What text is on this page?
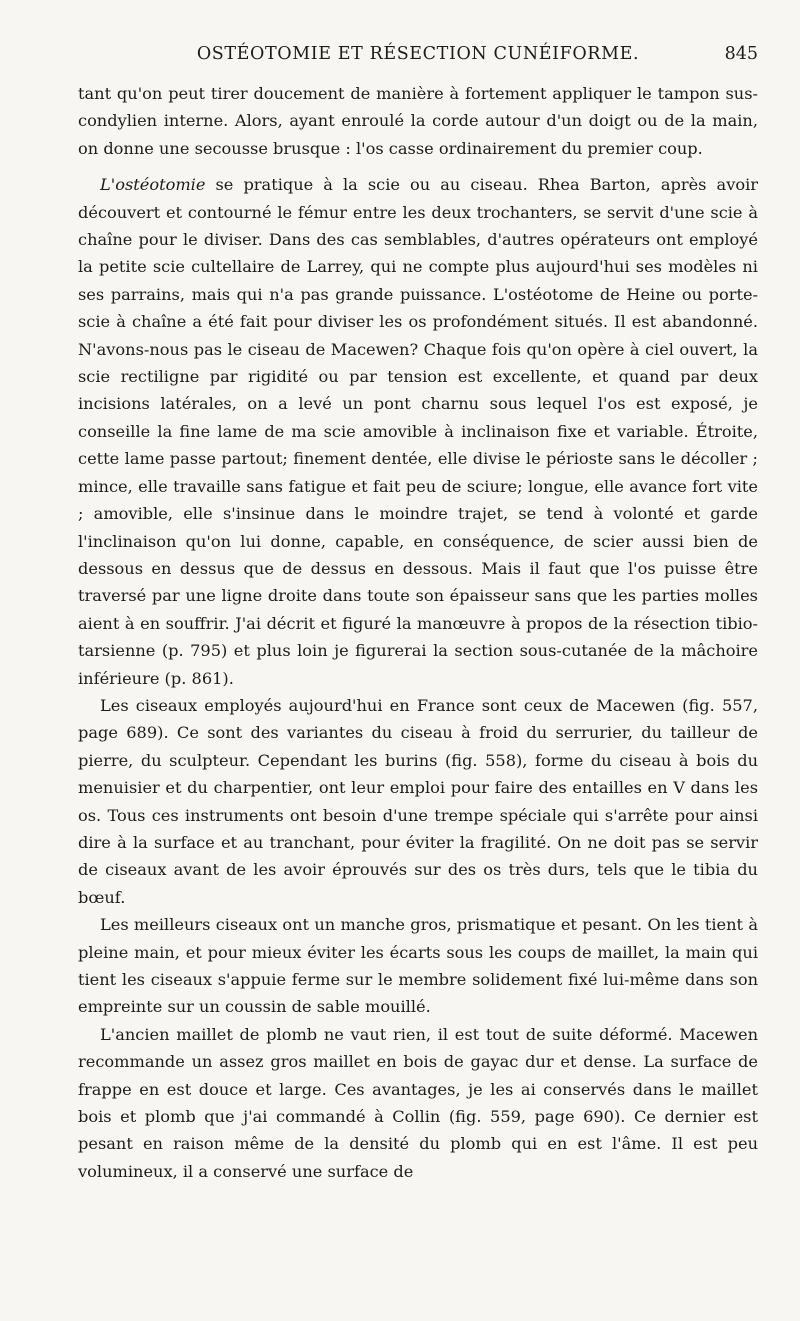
OSTÉOTOMIE ET RÉSECTION CUNÉIFORME.	845

tant qu'on peut tirer doucement de manière à fortement appliquer le tampon sus-condylien interne. Alors, ayant enroulé la corde autour d'un doigt ou de la main, on donne une secousse brusque : l'os casse ordinairement du premier coup.

L'ostéotomie se pratique à la scie ou au ciseau. Rhea Barton, après avoir découvert et contourné le fémur entre les deux trochanters, se servit d'une scie à chaîne pour le diviser. Dans des cas semblables, d'autres opérateurs ont employé la petite scie cultellaire de Larrey, qui ne compte plus aujourd'hui ses modèles ni ses parrains, mais qui n'a pas grande puissance. L'ostéotome de Heine ou porte-scie à chaîne a été fait pour diviser les os profondément situés. Il est abandonné. N'avons-nous pas le ciseau de Macewen? Chaque fois qu'on opère à ciel ouvert, la scie rectiligne par rigidité ou par tension est excellente, et quand par deux incisions latérales, on a levé un pont charnu sous lequel l'os est exposé, je conseille la fine lame de ma scie amovible à inclinaison fixe et variable. Étroite, cette lame passe partout; finement dentée, elle divise le périoste sans le décoller ; mince, elle travaille sans fatigue et fait peu de sciure; longue, elle avance fort vite ; amovible, elle s'insinue dans le moindre trajet, se tend à volonté et garde l'inclinaison qu'on lui donne, capable, en conséquence, de scier aussi bien de dessous en dessus que de dessus en dessous. Mais il faut que l'os puisse être traversé par une ligne droite dans toute son épaisseur sans que les parties molles aient à en souffrir. J'ai décrit et figuré la manœuvre à propos de la résection tibio-tarsienne (p. 795) et plus loin je figurerai la section sous-cutanée de la mâchoire inférieure (p. 861).

Les ciseaux employés aujourd'hui en France sont ceux de Macewen (fig. 557, page 689). Ce sont des variantes du ciseau à froid du serrurier, du tailleur de pierre, du sculpteur. Cependant les burins (fig. 558), forme du ciseau à bois du menuisier et du charpentier, ont leur emploi pour faire des entailles en V dans les os. Tous ces instruments ont besoin d'une trempe spéciale qui s'arrête pour ainsi dire à la surface et au tranchant, pour éviter la fragilité. On ne doit pas se servir de ciseaux avant de les avoir éprouvés sur des os très durs, tels que le tibia du bœuf.

Les meilleurs ciseaux ont un manche gros, prismatique et pesant. On les tient à pleine main, et pour mieux éviter les écarts sous les coups de maillet, la main qui tient les ciseaux s'appuie ferme sur le membre solidement fixé lui-même dans son empreinte sur un coussin de sable mouillé.

L'ancien maillet de plomb ne vaut rien, il est tout de suite déformé. Macewen recommande un assez gros maillet en bois de gayac dur et dense. La surface de frappe en est douce et large. Ces avantages, je les ai conservés dans le maillet bois et plomb que j'ai commandé à Collin (fig. 559, page 690). Ce dernier est pesant en raison même de la densité du plomb qui en est l'âme. Il est peu volumineux, il a conservé une surface de
